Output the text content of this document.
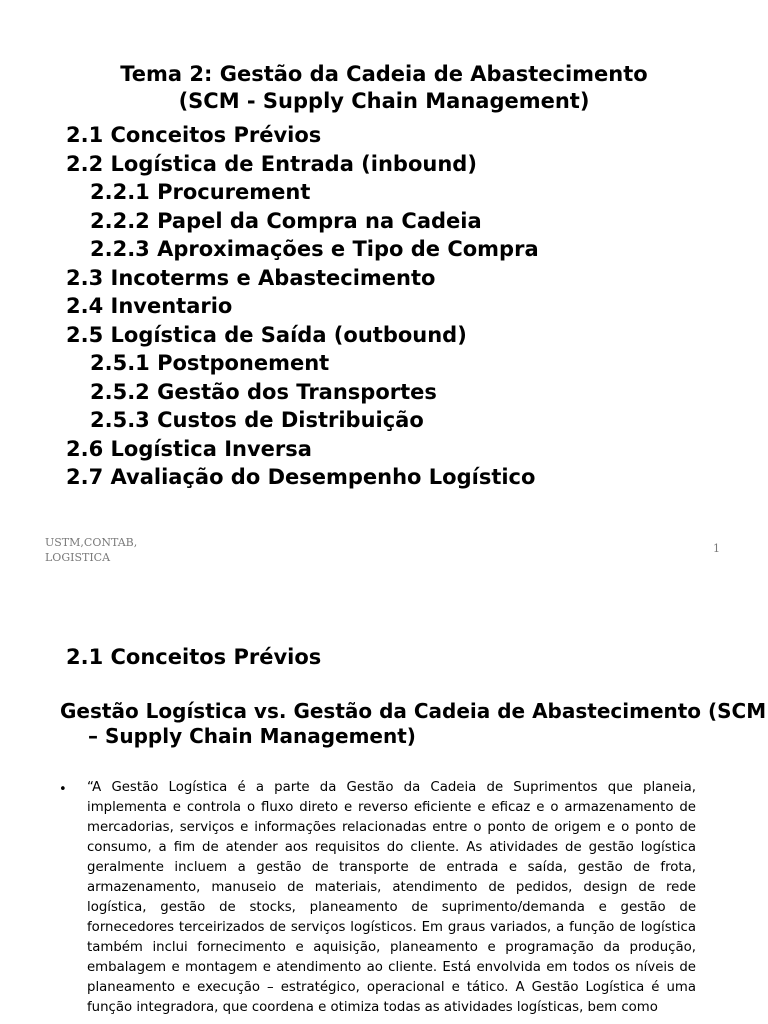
Tema 2: Gestão da Cadeia de Abastecimento
(SCM - Supply Chain Management)
2.1 Conceitos Prévios
2.2 Logística de Entrada (inbound)
2.2.1 Procurement
2.2.2 Papel da Compra na Cadeia
2.2.3 Aproximações e Tipo de Compra
2.3 Incoterms e Abastecimento
2.4 Inventario
2.5 Logística de Saída (outbound)
2.5.1 Postponement
2.5.2 Gestão dos Transportes
2.5.3 Custos de Distribuição
2.6 Logística Inversa
2.7 Avaliação do Desempenho Logístico
USTM,CONTAB,
LOGISTICA
1
2.1 Conceitos Prévios
Gestão Logística vs. Gestão da Cadeia de Abastecimento (SCM – Supply Chain Management)
• “A Gestão Logística é a parte da Gestão da Cadeia de Suprimentos que planeia, implementa e controla o fluxo direto e reverso eficiente e eficaz e o armazenamento de mercadorias, serviços e informações relacionadas entre o ponto de origem e o ponto de consumo, a fim de atender aos requisitos do cliente. As atividades de gestão logística geralmente incluem a gestão de transporte de entrada e saída, gestão de frota, armazenamento, manuseio de materiais, atendimento de pedidos, design de rede logística, gestão de stocks, planeamento de suprimento/demanda e gestão de fornecedores terceirizados de serviços logísticos. Em graus variados, a função de logística também inclui fornecimento e aquisição, planeamento e programação da produção, embalagem e montagem e atendimento ao cliente. Está envolvida em todos os níveis de planeamento e execução – estratégico, operacional e tático. A Gestão Logística é uma função integradora, que coordena e otimiza todas as atividades logísticas, bem como
